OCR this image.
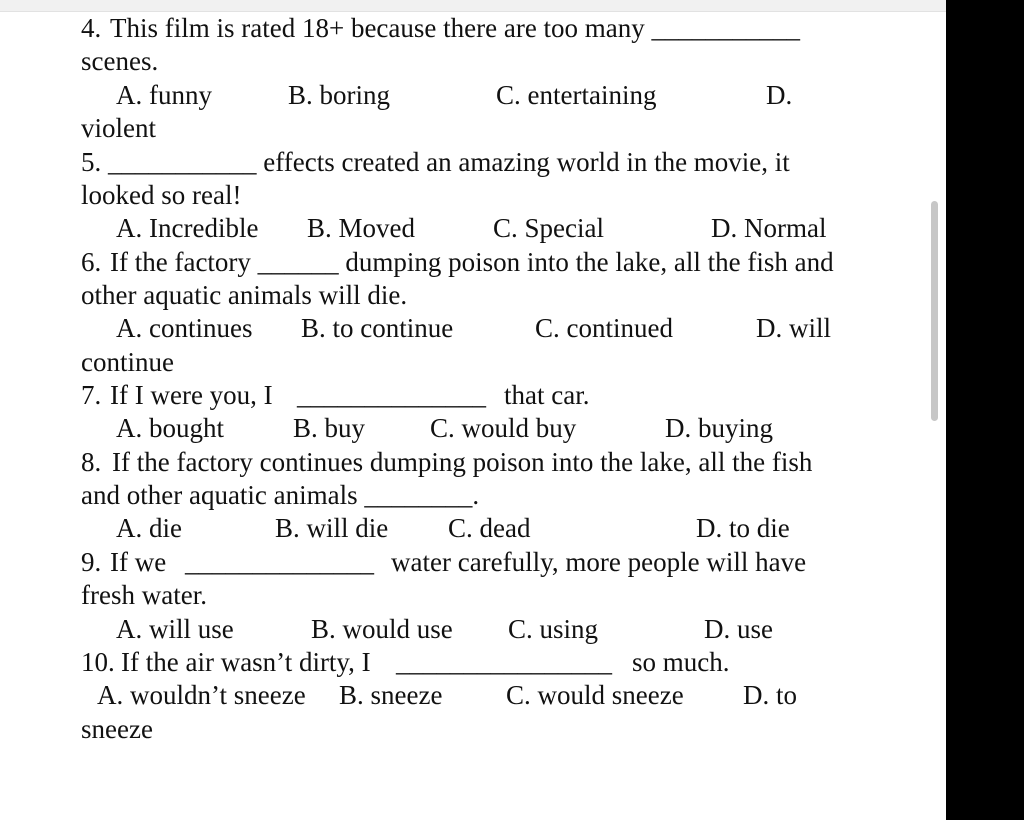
4. This film is rated 18+ because there are too many ___________
scenes.
A. funny	B. boring	C. entertaining	D.
violent
5. ___________ effects created an amazing world in the movie, it
looked so real!
A. Incredible B. Moved	C. Special	D. Normal
6. If the factory ______ dumping poison into the lake, all the fish and
other aquatic animals will die.
A. continues B. to continue	C. continued	D. will
continue
7. If I were you, I ______________ that car.
A. bought	B. buy C. would buy	D. buying
8. If the factory continues dumping poison into the lake, all the fish
and other aquatic animals ________.
A. die	B. will die C. dead	D. to die
9. If we ______________ water carefully, more people will have
fresh water.
A. will use	B. would use C. using	D. use
10. If the air wasn’t dirty, I ________________ so much.
A. wouldn’t sneeze B. sneeze C. would sneeze D. to
sneeze
